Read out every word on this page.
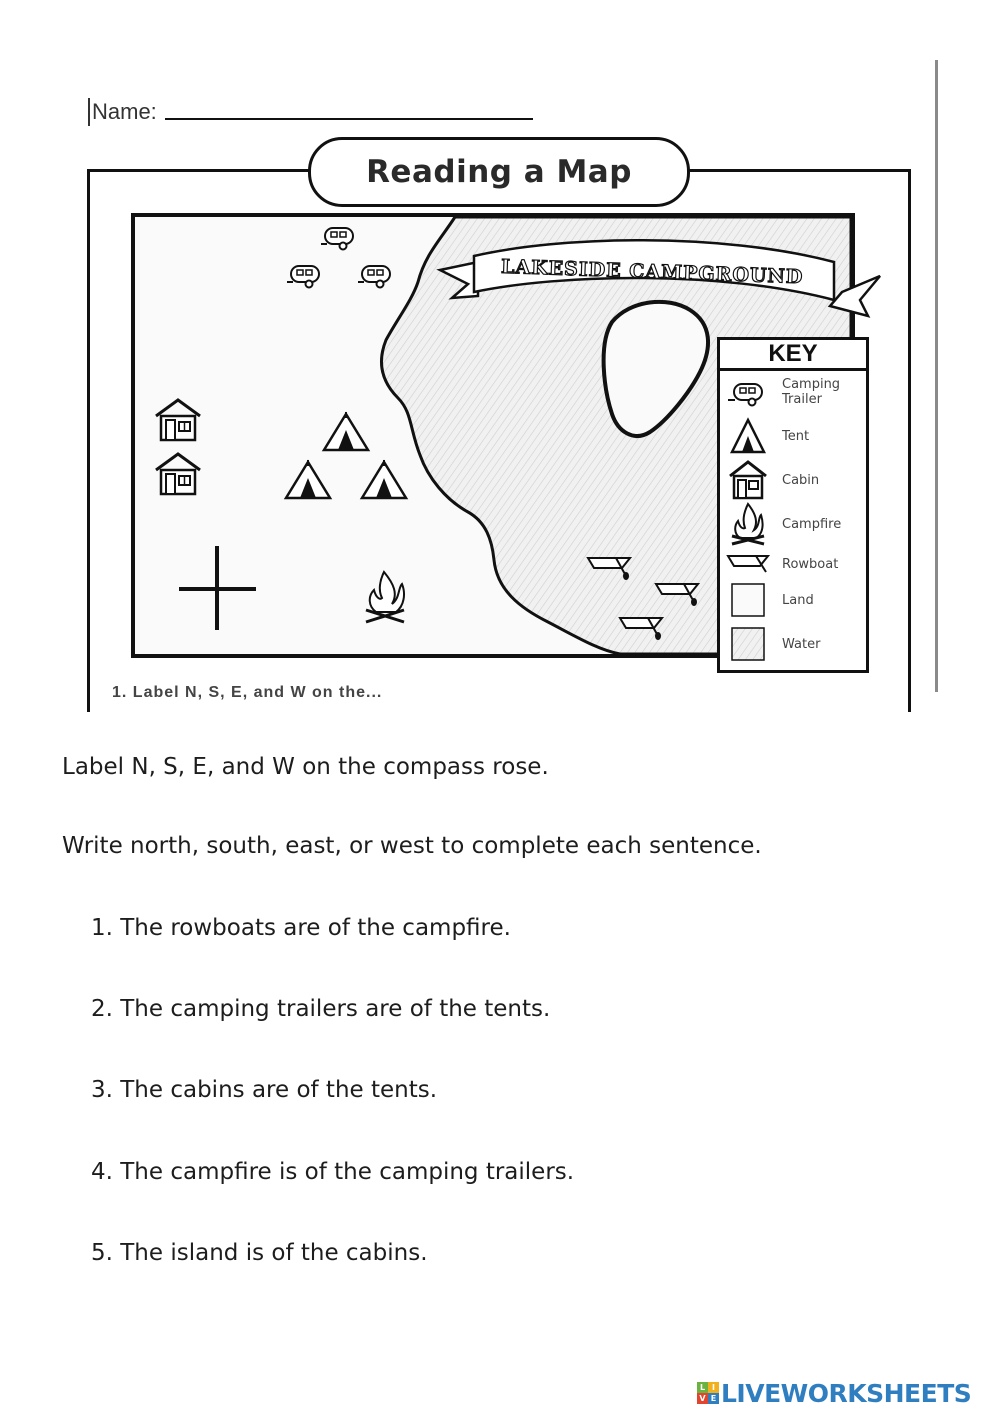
Name:
LAKESIDE CAMPGROUND
Reading a Map
KEY
Camping Trailer
Tent
Cabin
Campfire
Rowboat
Land
Water
1. Label N, S, E, and W on the...
Label N, S, E, and W on the compass rose.
Write north, south, east, or west to complete each sentence.
1. The rowboats are of the campfire.
2. The camping trailers are of the tents.
3. The cabins are of the tents.
4. The campfire is of the camping trailers.
5. The island is of the cabins.
L I
V E LIVEWORKSHEETS
